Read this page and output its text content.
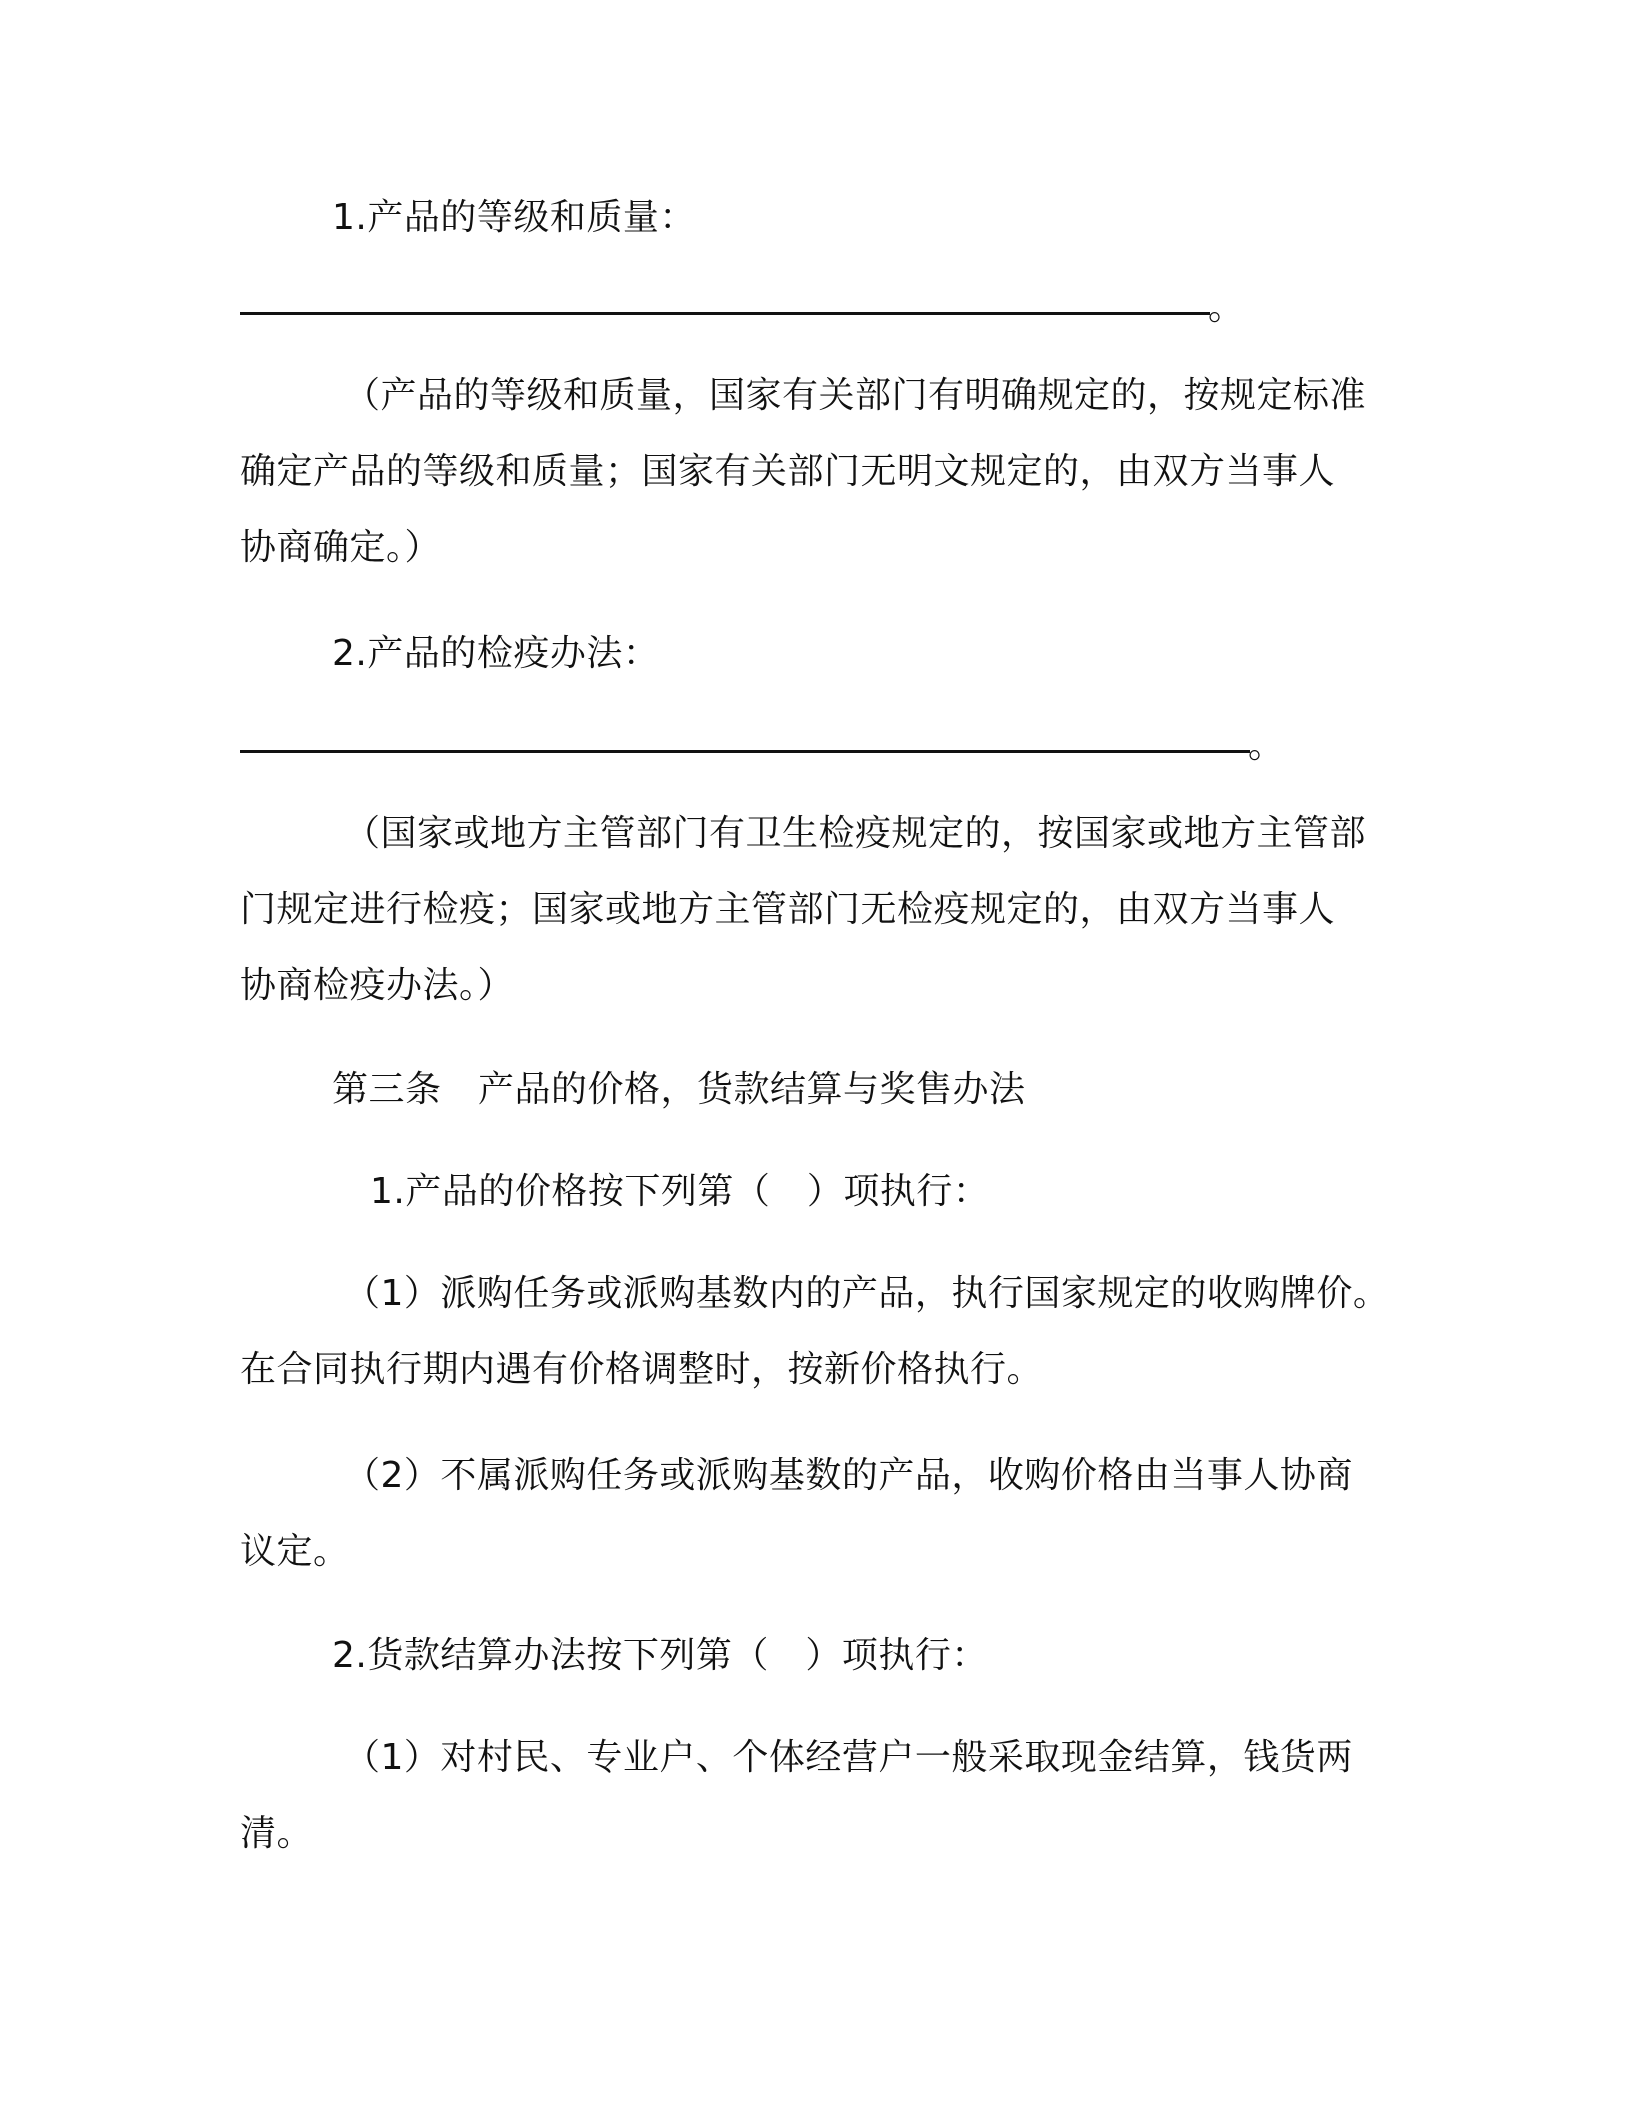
1.产品的等级和质量：
。
（产品的等级和质量，国家有关部门有明确规定的，按规定标准
确定产品的等级和质量；国家有关部门无明文规定的，由双方当事人
协商确定。）
2.产品的检疫办法：
。
（国家或地方主管部门有卫生检疫规定的，按国家或地方主管部
门规定进行检疫；国家或地方主管部门无检疫规定的，由双方当事人
协商检疫办法。）
第三条　产品的价格，货款结算与奖售办法
1.产品的价格按下列第（　）项执行：
（1）派购任务或派购基数内的产品，执行国家规定的收购牌价。
在合同执行期内遇有价格调整时，按新价格执行。
（2）不属派购任务或派购基数的产品，收购价格由当事人协商
议定。
2.货款结算办法按下列第（　）项执行：
（1）对村民、专业户、个体经营户一般采取现金结算，钱货两
清。
